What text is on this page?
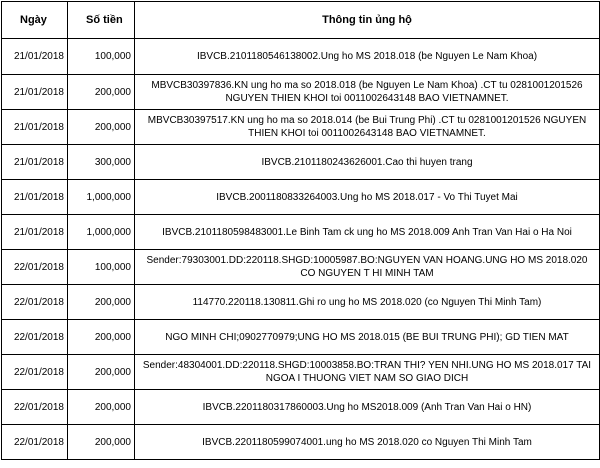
Ngày	Số tiền	Thông tin ủng hộ
21/01/2018	100,000	IBVCB.2101180546138002.Ung ho MS 2018.018 (be Nguyen Le Nam Khoa)
21/01/2018	200,000	MBVCB30397836.KN ung ho ma so 2018.018 (be Nguyen Le Nam Khoa) .CT tu 0281001201526 NGUYEN THIEN KHOI toi 0011002643148 BAO VIETNAMNET.
21/01/2018	200,000	MBVCB30397517.KN ung ho ma so 2018.014 (be Bui Trung Phi) .CT tu 0281001201526 NGUYEN THIEN KHOI toi 0011002643148 BAO VIETNAMNET.
21/01/2018	300,000	IBVCB.2101180243626001.Cao thi huyen trang
21/01/2018	1,000,000	IBVCB.2001180833264003.Ung ho MS 2018.017 - Vo Thi Tuyet Mai
21/01/2018	1,000,000	IBVCB.2101180598483001.Le Binh Tam ck ung ho MS 2018.009 Anh Tran Van Hai o Ha Noi
22/01/2018	100,000	Sender:79303001.DD:220118.SHGD:10005987.BO:NGUYEN VAN HOANG.UNG HO MS 2018.020 CO NGUYEN T HI MINH TAM
22/01/2018	200,000	114770.220118.130811.Ghi ro ung ho MS 2018.020 (co Nguyen Thi Minh Tam)
22/01/2018	200,000	NGO MINH CHI;0902770979;UNG HO MS 2018.015 (BE BUI TRUNG PHI); GD TIEN MAT
22/01/2018	200,000	Sender:48304001.DD:220118.SHGD:10003858.BO:TRAN THI? YEN NHI.UNG HO MS 2018.017 TAI NGOA I THUONG VIET NAM SO GIAO DICH
22/01/2018	200,000	IBVCB.2201180317860003.Ung ho MS2018.009 (Anh Tran Van Hai o HN)
22/01/2018	200,000	IBVCB.2201180599074001.ung ho MS 2018.020 co Nguyen Thi Minh Tam
